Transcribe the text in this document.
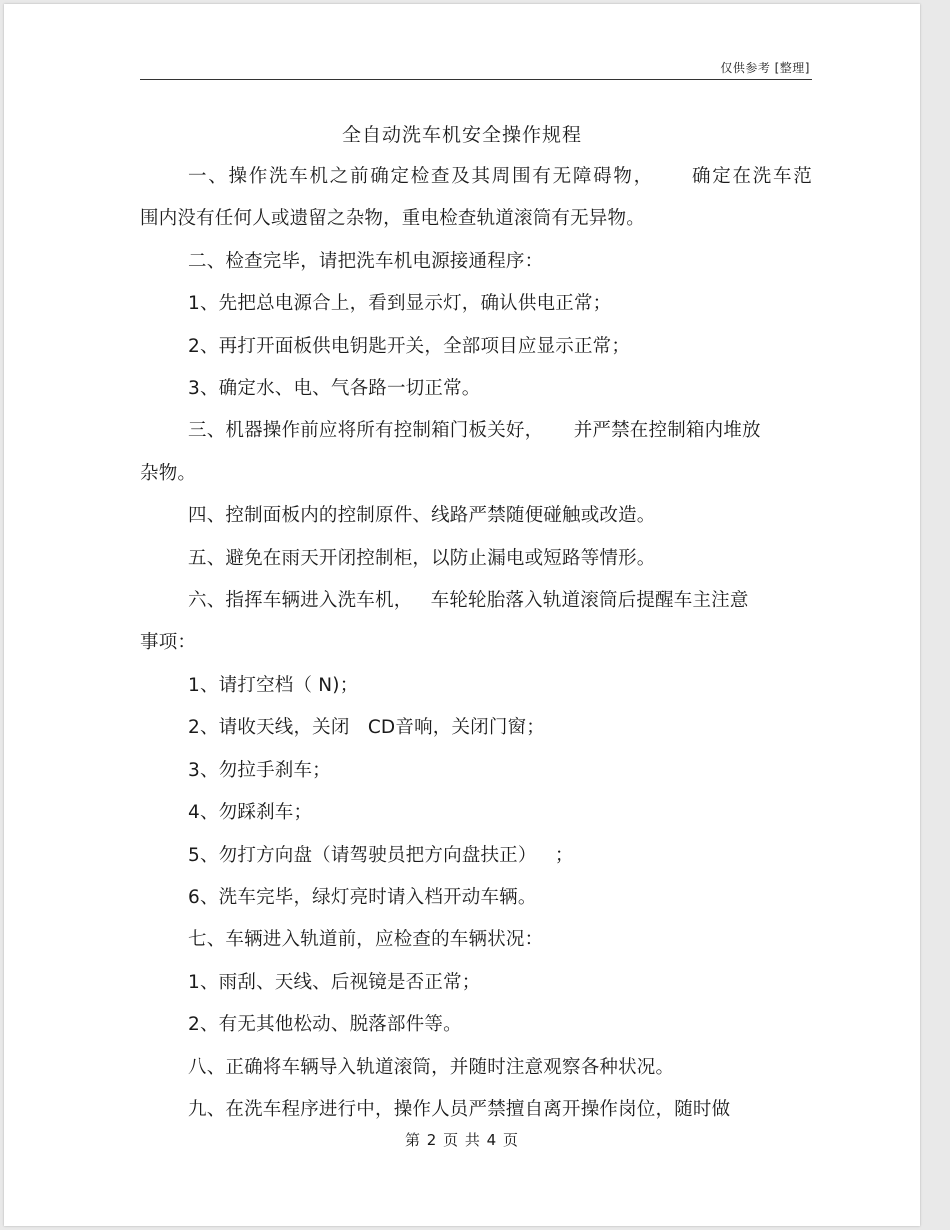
仅供参考 [整理]
全自动洗车机安全操作规程

一、操作洗车机之前确定检查及其周围有无障碍物，     确定在洗车范

围内没有任何人或遗留之杂物，重电检查轨道滚筒有无异物。

二、检查完毕，请把洗车机电源接通程序：

1、先把总电源合上，看到显示灯，确认供电正常；

2、再打开面板供电钥匙开关，全部项目应显示正常；

3、确定水、电、气各路一切正常。

三、机器操作前应将所有控制箱门板关好，     并严禁在控制箱内堆放

杂物。

四、控制面板内的控制原件、线路严禁随便碰触或改造。

五、避免在雨天开闭控制柜，以防止漏电或短路等情形。

六、指挥车辆进入洗车机，   车轮轮胎落入轨道滚筒后提醒车主注意

事项：

1、请打空档（ N)；

2、请收天线，关闭   CD音响，关闭门窗；

3、勿拉手刹车；

4、勿踩刹车；

5、勿打方向盘（请驾驶员把方向盘扶正）   ；

6、洗车完毕，绿灯亮时请入档开动车辆。

七、车辆进入轨道前，应检查的车辆状况：

1、雨刮、天线、后视镜是否正常；

2、有无其他松动、脱落部件等。

八、正确将车辆导入轨道滚筒，并随时注意观察各种状况。

九、在洗车程序进行中，操作人员严禁擅自离开操作岗位，随时做

第 2 页 共 4 页
